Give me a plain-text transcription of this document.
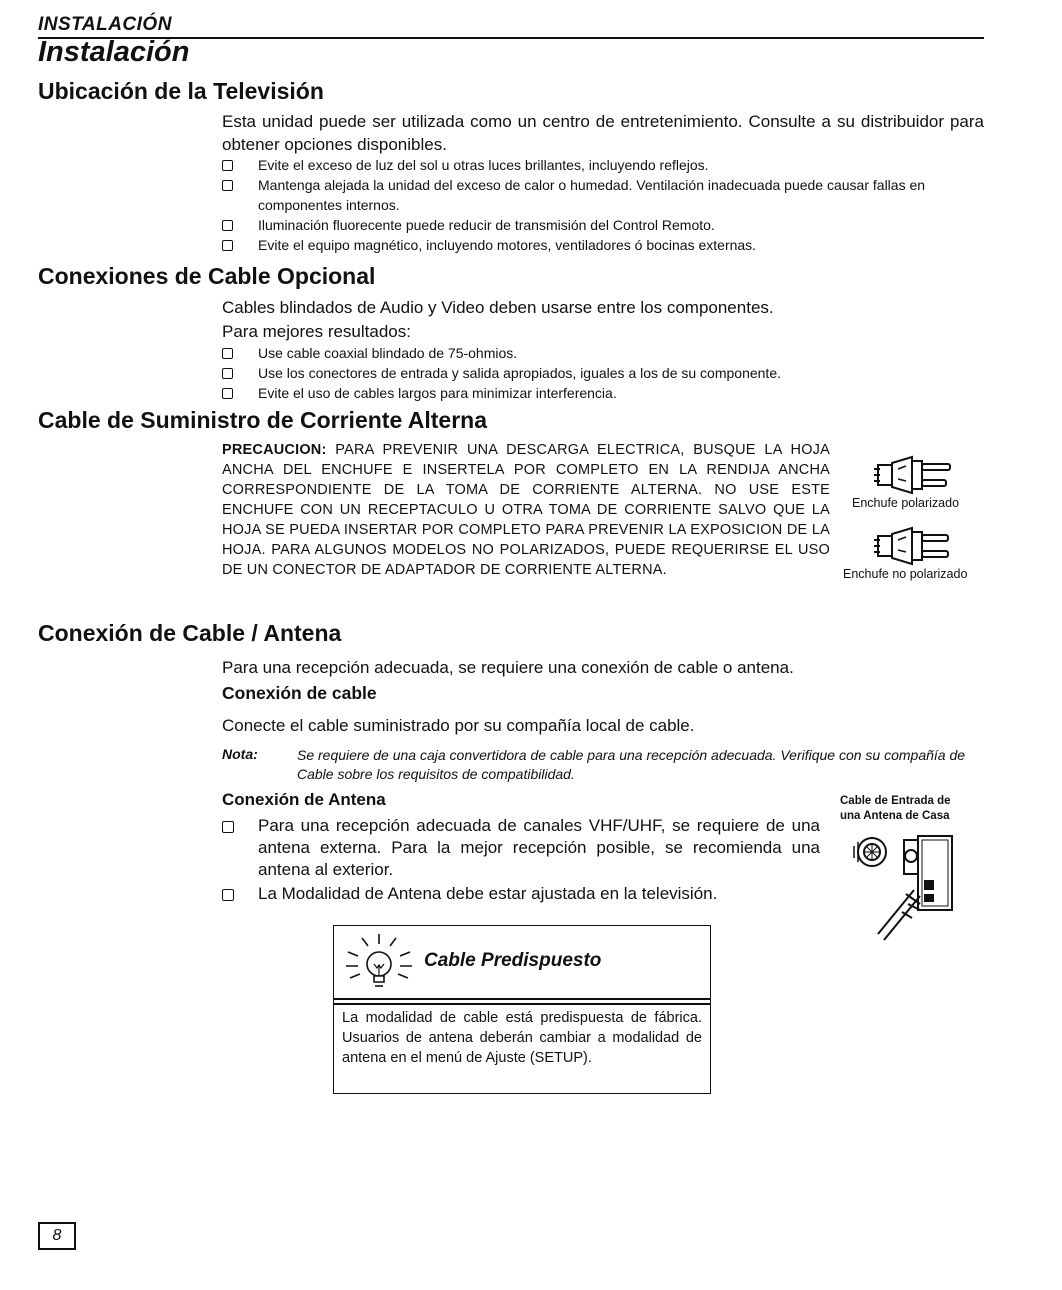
INSTALACIÓN
Instalación
Ubicación de la Televisión
Esta unidad puede ser utilizada como un centro de entretenimiento. Consulte a su distribuidor para obtener opciones disponibles.
Evite el exceso de luz del sol u otras luces brillantes, incluyendo reflejos.
Mantenga alejada la unidad del exceso de calor o humedad. Ventilación inadecuada puede causar fallas en componentes internos.
Iluminación fluorecente puede reducir de transmisión del Control Remoto.
Evite el equipo magnético, incluyendo motores, ventiladores ó bocinas externas.
Conexiones de Cable Opcional
Cables blindados de Audio y Video deben usarse entre los componentes.
Para mejores resultados:
Use cable coaxial blindado de 75-ohmios.
Use los conectores de entrada y salida apropiados, iguales a los de su componente.
Evite el uso de cables largos para minimizar interferencia.
Cable de Suministro de Corriente Alterna
PRECAUCION: PARA PREVENIR UNA DESCARGA ELECTRICA, BUSQUE LA HOJA ANCHA DEL ENCHUFE E INSERTELA POR COMPLETO EN LA RENDIJA ANCHA CORRESPONDIENTE DE LA TOMA DE CORRIENTE ALTERNA. NO USE ESTE ENCHUFE CON UN RECEPTACULO U OTRA TOMA DE CORRIENTE SALVO QUE LA HOJA SE PUEDA INSERTAR POR COMPLETO PARA PREVENIR LA EXPOSICION DE LA HOJA. PARA ALGUNOS MODELOS NO POLARIZADOS, PUEDE REQUERIRSE EL USO DE UN CONECTOR DE ADAPTADOR DE CORRIENTE ALTERNA.
Enchufe polarizado
Enchufe no polarizado
Conexión de Cable / Antena
Para una recepción adecuada, se requiere una conexión de cable o antena.
Conexión de cable
Conecte el cable suministrado por su compañía local de cable.
Nota:	Se requiere de una caja convertidora de cable para una recepción adecuada. Verifique con su compañía de Cable sobre los requisitos de compatibilidad.
Conexión de Antena
Para una recepción adecuada de canales VHF/UHF, se requiere de una antena externa. Para la mejor recepción posible, se recomienda una antena al exterior.
La Modalidad de Antena debe estar ajustada en la televisión.
Cable de Entrada de
una Antena de Casa
Cable Predispuesto
La modalidad de cable está predispuesta de fábrica. Usuarios de antena deberán cambiar a modalidad de antena en el menú de Ajuste (SETUP).
8
